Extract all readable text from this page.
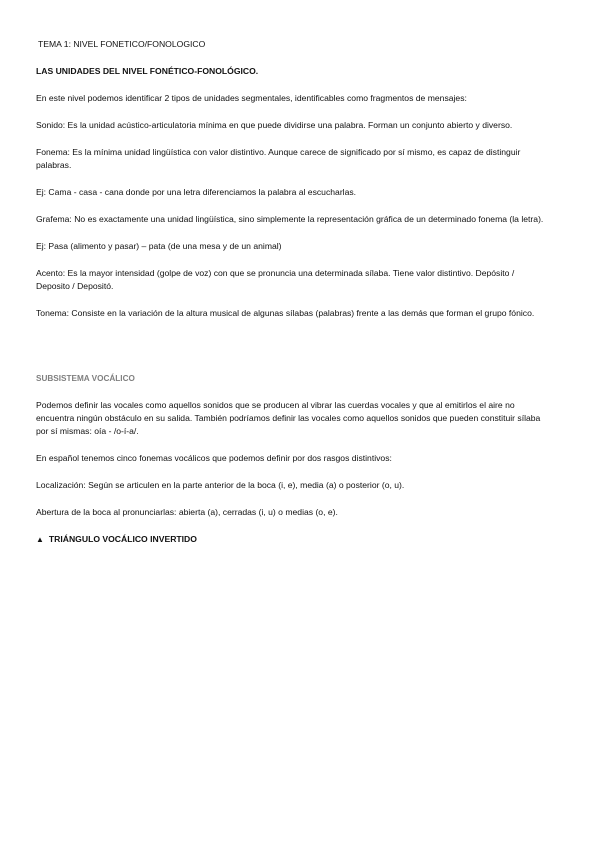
TEMA 1: NIVEL FONETICO/FONOLOGICO

LAS UNIDADES DEL NIVEL FONÉTICO-FONOLÓGICO.

En este nivel podemos identificar 2 tipos de unidades segmentales, identificables como fragmentos de mensajes:

Sonido: Es la unidad acústico-articulatoria mínima en que puede dividirse una palabra. Forman un conjunto abierto y diverso.

Fonema: Es la mínima unidad lingüística con valor distintivo. Aunque carece de significado por sí mismo, es capaz de distinguir palabras.

Ej: Cama - casa - cana donde por una letra diferenciamos la palabra al escucharlas.

Grafema: No es exactamente una unidad lingüística, sino simplemente la representación gráfica de un determinado fonema (la letra).

Ej: Pasa (alimento y pasar) – pata (de una mesa y de un animal)

Acento: Es la mayor intensidad (golpe de voz) con que se pronuncia una determinada sílaba. Tiene valor distintivo. Depósito / Deposito / Depositó.

Tonema: Consiste en la variación de la altura musical de algunas sílabas (palabras) frente a las demás que forman el grupo fónico.

SUBSISTEMA VOCÁLICO

Podemos definir las vocales como aquellos sonidos que se producen al vibrar las cuerdas vocales y que al emitirlos el aire no encuentra ningún obstáculo en su salida. También podríamos definir las vocales como aquellos sonidos que pueden constituir sílaba por sí mismas: oía - /o-í-a/.

En español tenemos cinco fonemas vocálicos que podemos definir por dos rasgos distintivos:

Localización: Según se articulen en la parte anterior de la boca (i, e), media (a) o posterior (o, u).

Abertura de la boca al pronunciarlas: abierta (a), cerradas (i, u) o medias (o, e).

▲ TRIÁNGULO VOCÁLICO INVERTIDO
